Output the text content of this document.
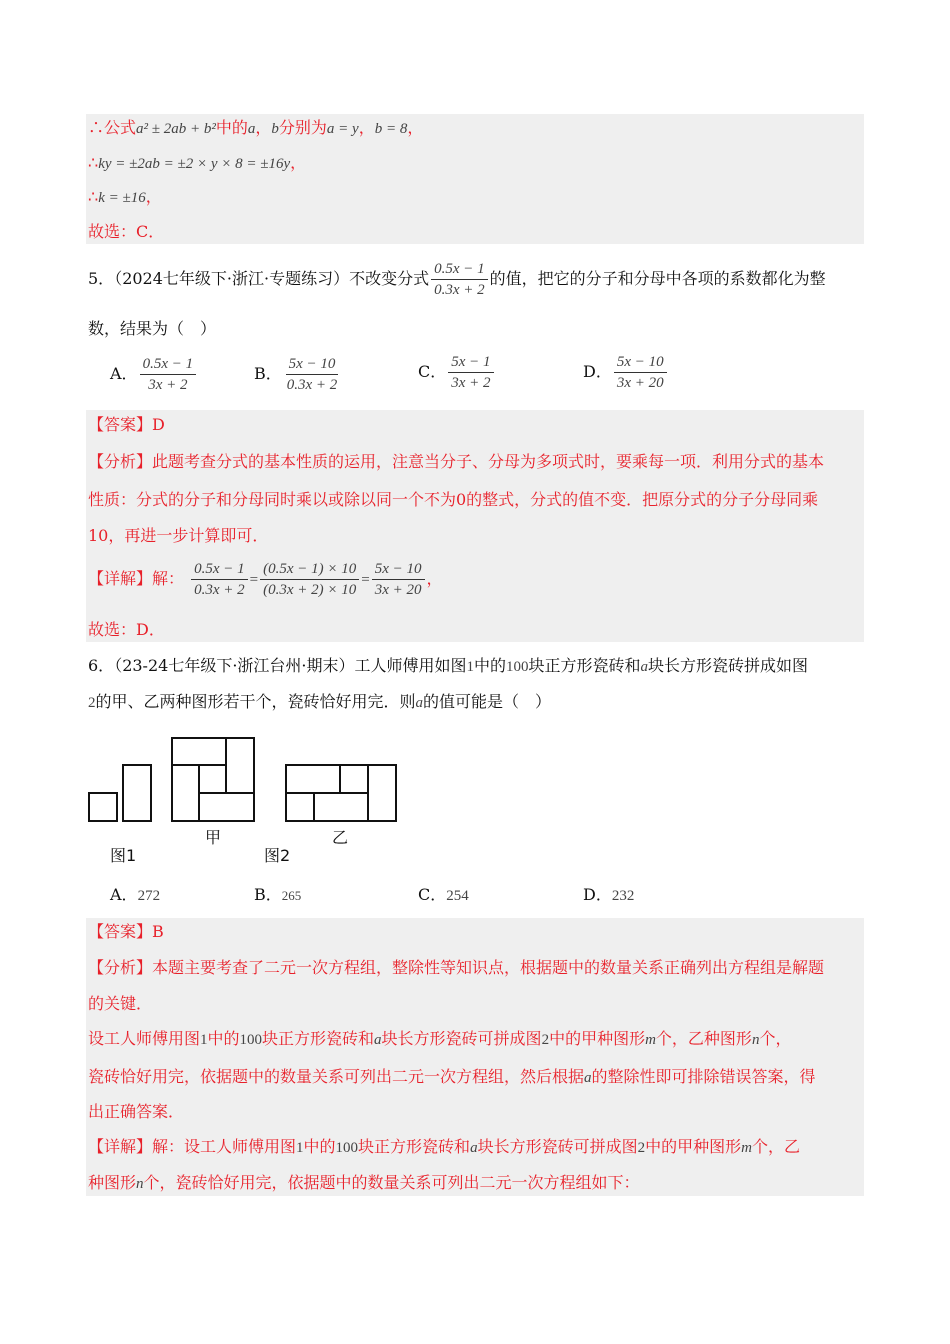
∴公式a² ± 2ab + b²中的a，b分别为a = y，b = 8，
∴ky = ±2ab = ±2 × y × 8 = ±16y，
∴k = ±16，
故选：C．
5．（2024七年级下·浙江·专题练习）不改变分式 $\frac{0.5x - 1}{0.3x + 2}$ 的值，把它的分子和分母中各项的系数都化为整
数，结果为（　）
A． $\frac{0.5x - 1}{3x + 2}$	B． $\frac{5x - 10}{0.3x + 2}$	C． $\frac{5x - 1}{3x + 2}$	D． $\frac{5x - 10}{3x + 20}$
【答案】D
【分析】此题考查分式的基本性质的运用，注意当分子、分母为多项式时，要乘每一项．利用分式的基本
性质：分式的分子和分母同时乘以或除以同一个不为0的整式，分式的值不变．把原分式的分子分母同乘
10，再进一步计算即可．
【详解】解： $\frac{0.5x - 1}{0.3x + 2} = \frac{(0.5x - 1) \times 10}{(0.3x + 2) \times 10} = \frac{5x - 10}{3x + 20}$ ，
故选：D．
6．（23-24七年级下·浙江台州·期末）工人师傅用如图1中的100块正方形瓷砖和a块长方形瓷砖拼成如图
2的甲、乙两种图形若干个，瓷砖恰好用完．则a的值可能是（　）
甲	乙
图1	图2
A．272	B．265	C．254	D．232
【答案】B
【分析】本题主要考查了二元一次方程组，整除性等知识点，根据题中的数量关系正确列出方程组是解题
的关键．
设工人师傅用图1中的100块正方形瓷砖和a块长方形瓷砖可拼成图2中的甲种图形m个，乙种图形n个，
瓷砖恰好用完，依据题中的数量关系可列出二元一次方程组，然后根据a的整除性即可排除错误答案，得
出正确答案．
【详解】解：设工人师傅用图1中的100块正方形瓷砖和a块长方形瓷砖可拼成图2中的甲种图形m个，乙
种图形n个，瓷砖恰好用完，依据题中的数量关系可列出二元一次方程组如下：
